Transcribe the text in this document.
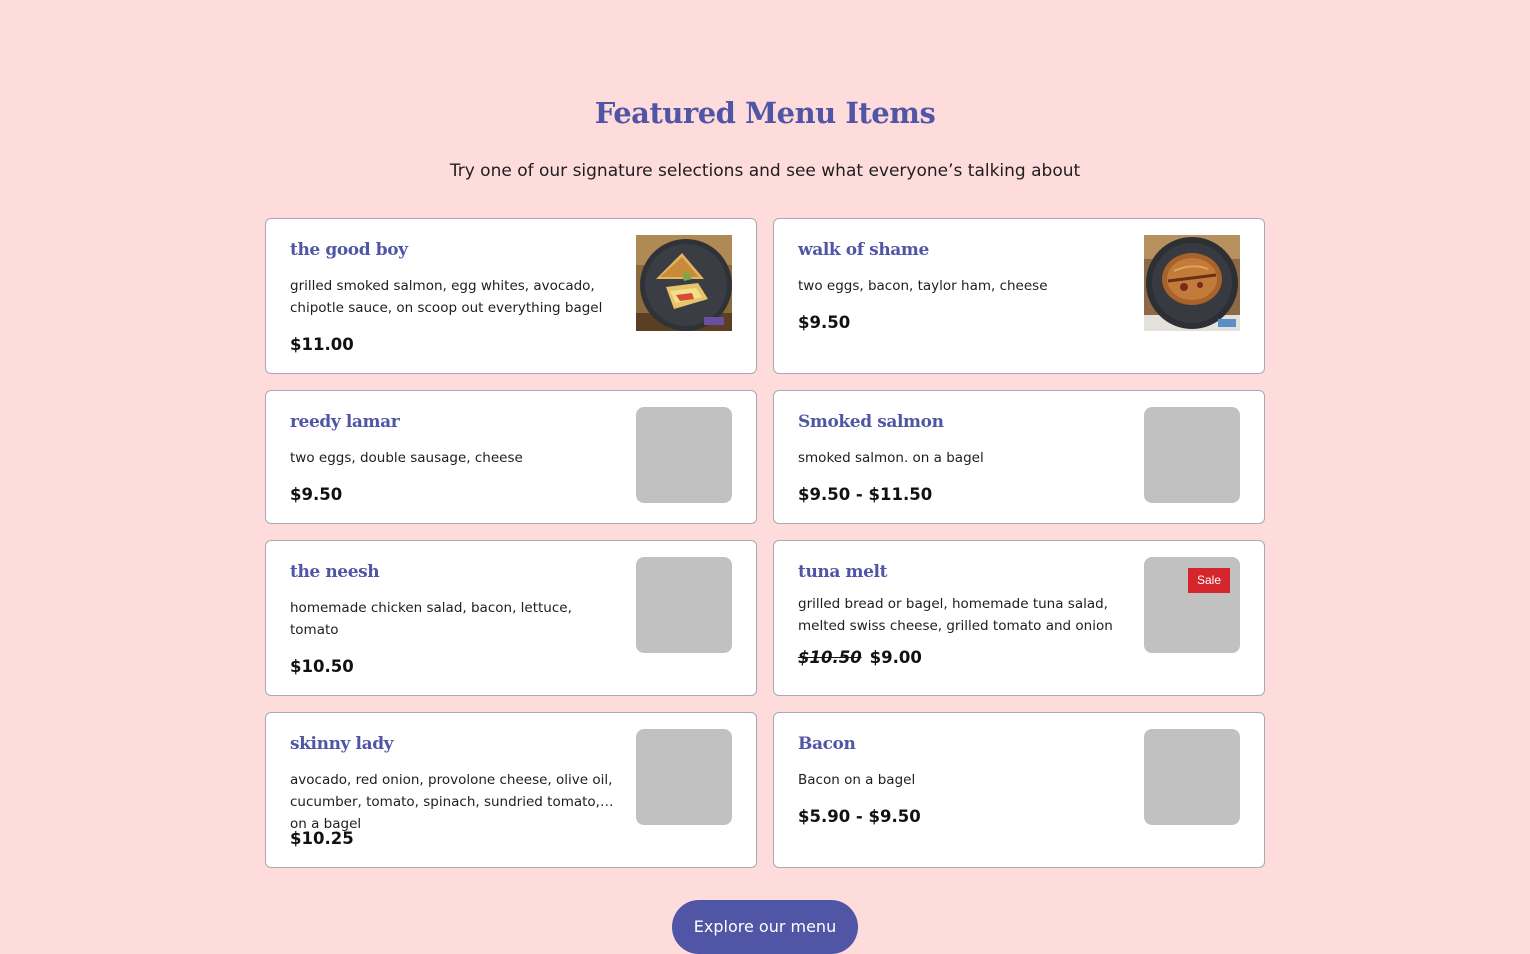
Featured Menu Items

Try one of our signature selections and see what everyone’s talking about

the good boy

grilled smoked salmon, egg whites, avocado, chipotle sauce, on scoop out everything bagel

$11.00

walk of shame

two eggs, bacon, taylor ham, cheese

$9.50

reedy lamar

two eggs, double sausage, cheese

$9.50

Smoked salmon

smoked salmon. on a bagel

$9.50 - $11.50

the neesh

homemade chicken salad, bacon, lettuce, tomato

$10.50

tuna melt

grilled bread or bagel, homemade tuna salad, melted swiss cheese, grilled tomato and onion

$10.50 $9.00

Sale
skinny lady

avocado, red onion, provolone cheese, olive oil, cucumber, tomato, spinach, sundried tomato, on a bagel

$10.25

Bacon

Bacon on a bagel

$5.90 - $9.50

Explore our menu
